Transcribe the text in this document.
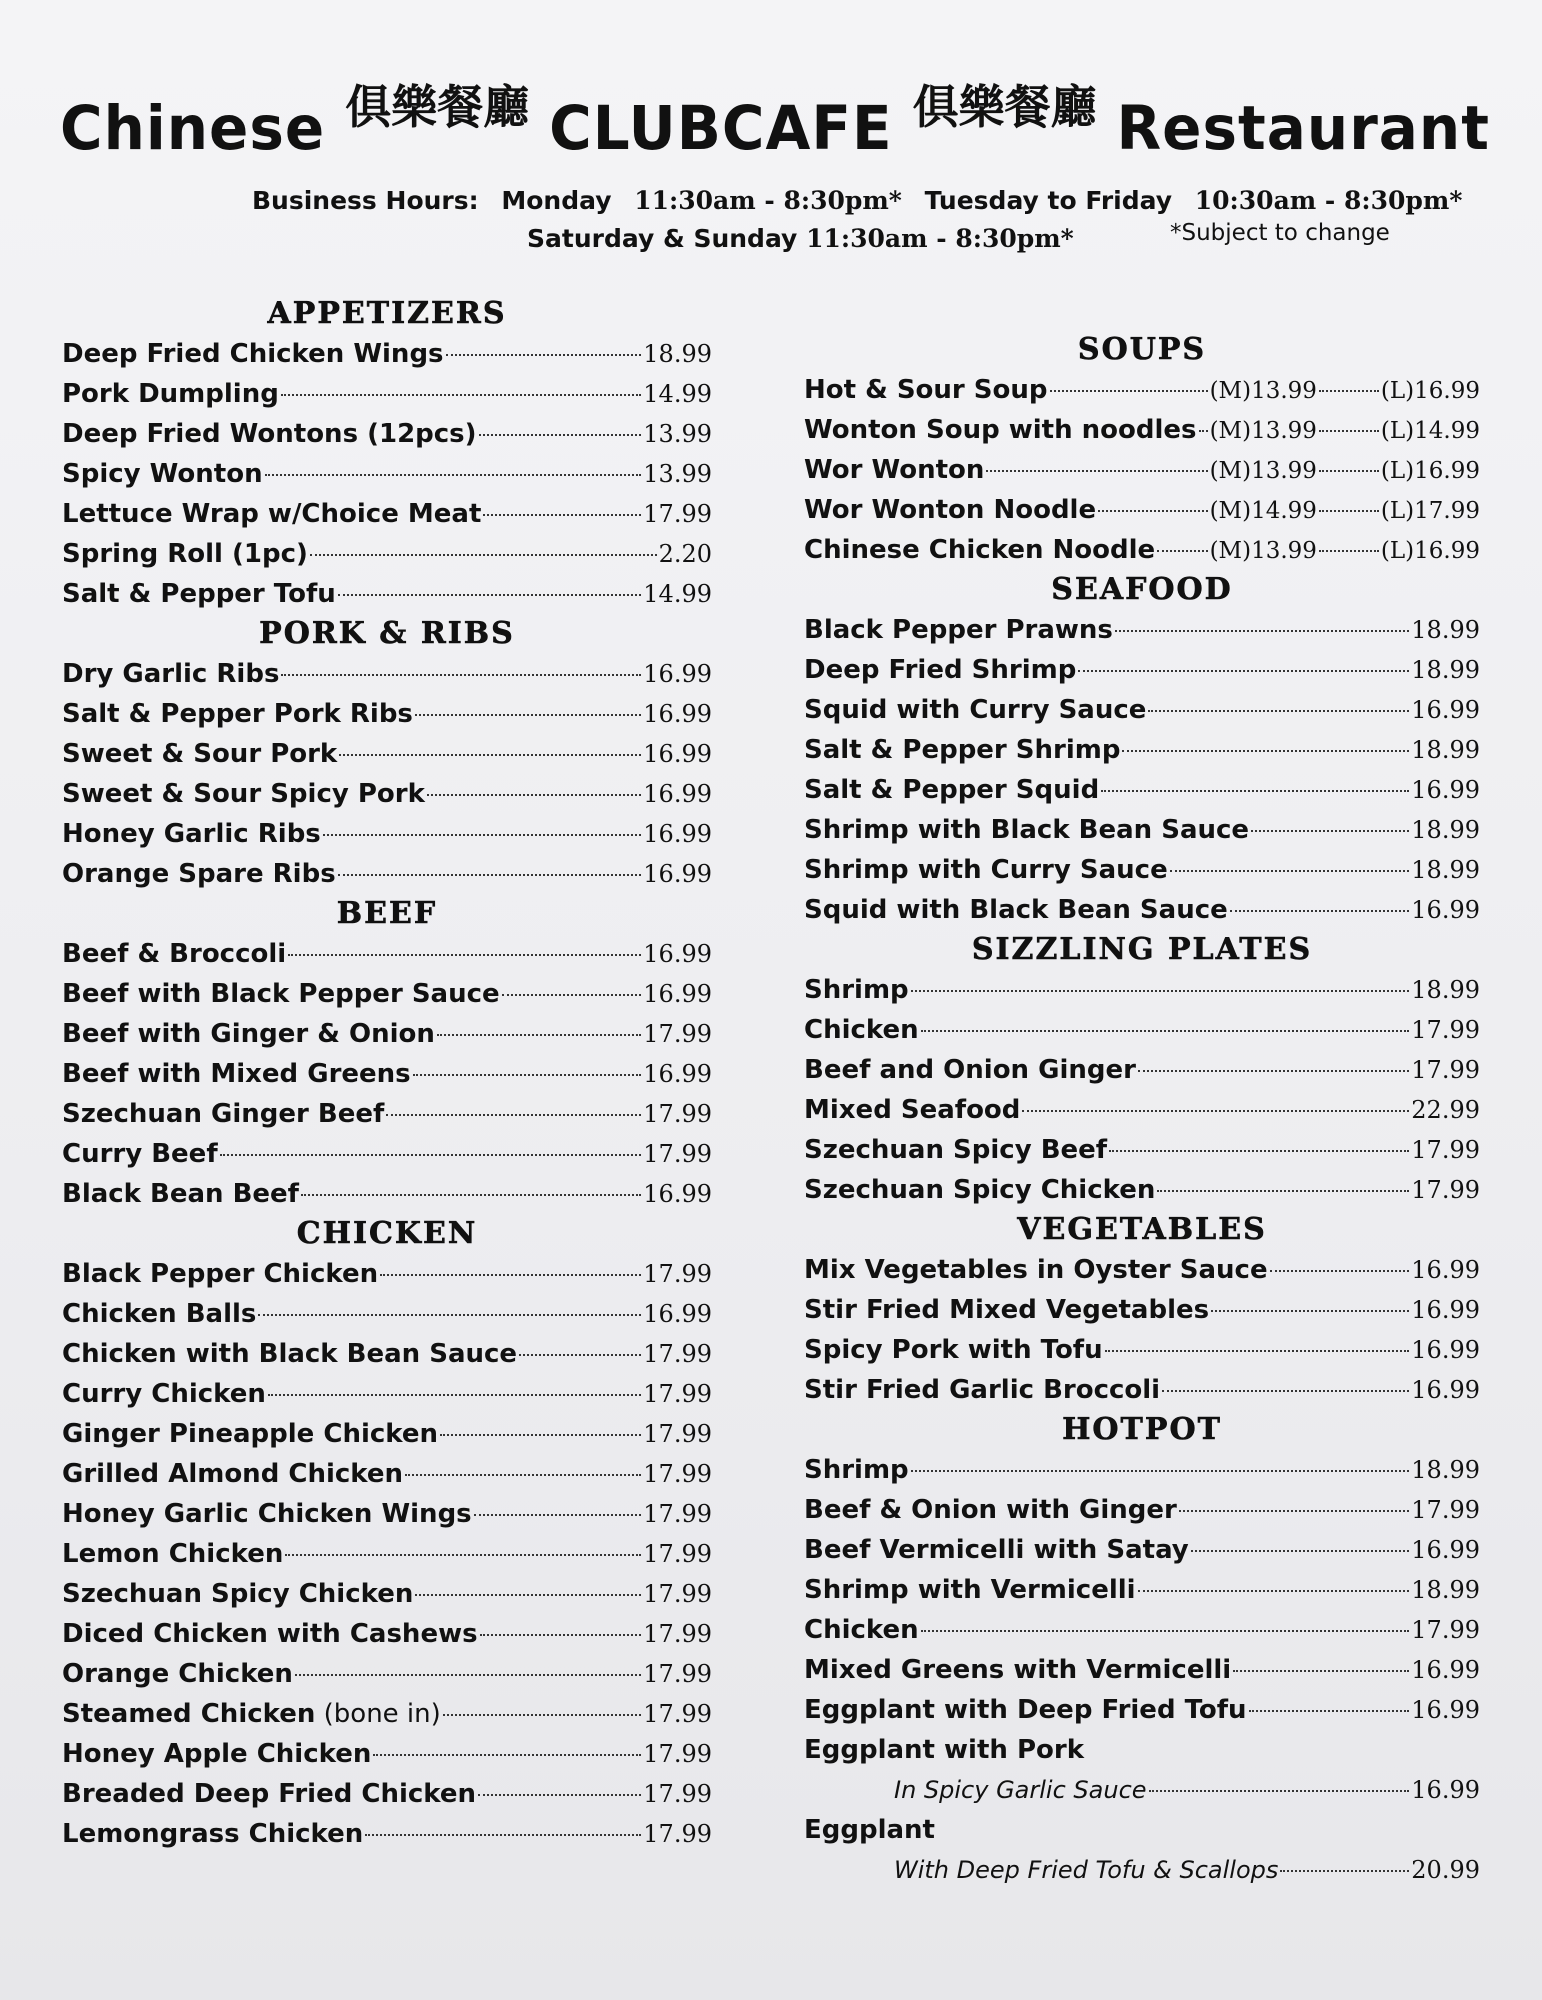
Chinese 俱樂餐廳 CLUBCAFE 俱樂餐廳 Restaurant
Business Hours: Monday 11:30am - 8:30pm* Tuesday to Friday 10:30am - 8:30pm*
Saturday & Sunday 11:30am - 8:30pm*	*Subject to change
APPETIZERS
Deep Fried Chicken Wings	18.99
Pork Dumpling	14.99
Deep Fried Wontons (12pcs)	13.99
Spicy Wonton	13.99
Lettuce Wrap w/Choice Meat	17.99
Spring Roll (1pc)	2.20
Salt & Pepper Tofu	14.99
PORK & RIBS
Dry Garlic Ribs	16.99
Salt & Pepper Pork Ribs	16.99
Sweet & Sour Pork	16.99
Sweet & Sour Spicy Pork	16.99
Honey Garlic Ribs	16.99
Orange Spare Ribs	16.99
BEEF
Beef & Broccoli	16.99
Beef with Black Pepper Sauce	16.99
Beef with Ginger & Onion	17.99
Beef with Mixed Greens	16.99
Szechuan Ginger Beef	17.99
Curry Beef	17.99
Black Bean Beef	16.99
CHICKEN
Black Pepper Chicken	17.99
Chicken Balls	16.99
Chicken with Black Bean Sauce	17.99
Curry Chicken	17.99
Ginger Pineapple Chicken	17.99
Grilled Almond Chicken	17.99
Honey Garlic Chicken Wings	17.99
Lemon Chicken	17.99
Szechuan Spicy Chicken	17.99
Diced Chicken with Cashews	17.99
Orange Chicken	17.99
Steamed Chicken (bone in)	17.99
Honey Apple Chicken	17.99
Breaded Deep Fried Chicken	17.99
Lemongrass Chicken	17.99
SOUPS
Hot & Sour Soup	(M)13.99	(L)16.99
Wonton Soup with noodles (M)13.99	(L)14.99
Wor Wonton	(M)13.99	(L)16.99
Wor Wonton Noodle	(M)14.99	(L)17.99
Chinese Chicken Noodle (M)13.99	(L)16.99
SEAFOOD
Black Pepper Prawns	18.99
Deep Fried Shrimp	18.99
Squid with Curry Sauce	16.99
Salt & Pepper Shrimp	18.99
Salt & Pepper Squid	16.99
Shrimp with Black Bean Sauce	18.99
Shrimp with Curry Sauce	18.99
Squid with Black Bean Sauce	16.99
SIZZLING PLATES
Shrimp	18.99
Chicken	17.99
Beef and Onion Ginger	17.99
Mixed Seafood	22.99
Szechuan Spicy Beef	17.99
Szechuan Spicy Chicken	17.99
VEGETABLES
Mix Vegetables in Oyster Sauce	16.99
Stir Fried Mixed Vegetables	16.99
Spicy Pork with Tofu	16.99
Stir Fried Garlic Broccoli	16.99
HOTPOT
Shrimp	18.99
Beef & Onion with Ginger	17.99
Beef Vermicelli with Satay	16.99
Shrimp with Vermicelli	18.99
Chicken	17.99
Mixed Greens with Vermicelli	16.99
Eggplant with Deep Fried Tofu	16.99
Eggplant with Pork
In Spicy Garlic Sauce	16.99
Eggplant
With Deep Fried Tofu & Scallops	20.99
